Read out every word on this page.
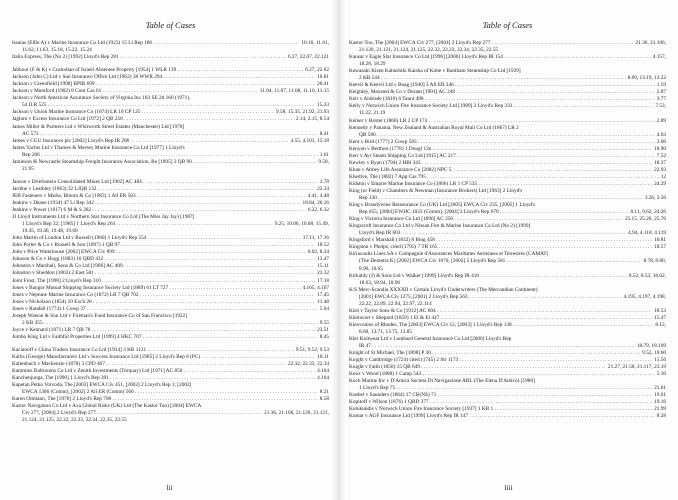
Table of Cases
Issaias (Elfie A) v Marine Insurance Co Ltd (1923) 15 Ll Rep 186 . . .	10.16, 11.61,
11.62, 11.63, 15.18, 15.22, 15.24
Italia Express, The (No 2) [1992] Lloyd's Rep 281 . . .	6.27, 22.67, 22.121
Jabbour (F & K) v Custodian of Israeli Absentee Property [1954] 1 WLR 139 . . .	6.27, 22.62
Jackson (John C) Ltd v Sun Insurance Office Ltd (1962) 38 WWR 294 . . .	10.81
Jackson v Greenfield [1998] BPIR 699 . . .	20.41
Jackson v Mumford (1902) 8 Com Cas 61 . . .	11.04, 11.07, 11.08, 11.10, 11.15
Jackson v North American Assurance Society of Virginia Inc 183 SE 2d 160 (1971),
54 ILR 525 . . .	15.23
Jackson v Union Marine Insurance Co (1874) LR 10 CP 125 . . .	9.58, 15.35, 21.92, 21.93
Jaglom v Excess Insurance Co Ltd [1972] 2 QB 250 . . .	2.14, 2.15, 8.54
James Miller & Partners Ltd v Whitworth Street Estates (Manchester) Ltd [1970]
AC 572 . . .	8.41
James v CGU Insurance plc [2002] Lloyd's Rep IR 206 . . .	4.55, 4.101, 15.18
James Yachts Ltd v Thames & Mersey Marine Insurance Co Ltd [1977] 1 Lloyd's
Rep 206 . . .	1.61
Jamieson & Newcastle Steamship Freight Insurance Association, Re [1895] 2 QB 90 . . .	9.58,
21.95
Janson v Driefontein Consolidated Mines Ltd [1902] AC 484 . . .	3.78
Jardine v Leathley (1863) 32 LJQB 132 . . .	22.34
JEB Fasteners v Marks, Bloom & Co [1983] 1 All ER 583 . . .	4.41, 4.48
Jenkins v Deane (1934) 47 Ll Rep 342 . . .	18.84, 26.16
Jenkins v Power (1817) 6 M & S 282 . . .	6.22, 6.32
JJ Lloyd Instruments Ltd v Northern Star Insurance Co Ltd (The Miss Jay Jay) [1987]
1 Lloyd's Rep 32; [1985] 1 Lloyd's Rep 264 . . .	9.25, 10.06, 10.08, 15.49,
19.45, 19.46, 19.48, 19.60
John Martin of London Ltd v Russell (1960) 1 Lloyd's Rep 554 . . .	17.11, 17.16
John Porter & Co v Russell & Son (1897) 1 QB 97 . . .	18.52
John v Price Waterhouse [2002] EWCA Civ 899 . . .	8.02, 8.34
Johnson & Co v Hogg (1883) 10 QBD 432 . . .	13.47
Johnston v Marshall, Sons & Co Ltd [1906] AC 409 . . .	15.11
Johnston v Sheddon (1802) 2 East 581 . . .	23.32
Joint Frost, The [1998] 2 Lloyd's Rep 310 . . .	17.18
Jones v Bangor Mutual Shipping Insurance Society Ltd (1889) 61 LT 727 . . .	4.165, 4.167
Jones v Neptune Marine Insurance Co (1872) LR 7 QB 702 . . .	17.45
Jones v Nicholson (1854) 10 Exch 28 . . .	11.48
Jones v Randall (1774) 1 Cowp 37 . . .	5.04
Joseph Watson & Son Ltd v Fireman's Fund Insurance Co of San Francisco [1922]
2 KB 355 . . .	9.55
Joyce v Kennard (1871) LR 7 QB 78 . . .	23.51
Jumbo King Ltd v Faithful Properties Ltd [1999] 4 HKC 707 . . .	8.45
Kacianoff v China Traders Insurance Co Ltd [1914] 3 KB 1121 . . .	9.51, 9.52, 9.53
Kallis (George) Manufacturers Ltd v Success Insurance Ltd [1985] 2 Lloyd's Rep 8 (PC) . . .	18.11
Kaltenbach v Mackenzie (1878) 3 CPD 467 . . .	22.32, 22.33, 22.34
Kammins Ballrooms Co Ltd v Zenith Investments (Torquay) Ltd [1971] AC 850 . . .	4.164
Kanchenjunga, The [1990] 1 Lloyd's Rep 391 . . .	4.164
Kapetan Petko Voivoda, The [2003] EWCA Civ 451, [2003] 2 Lloyd's Rep 1; [2002]
EWCA 1306 (Comm), [2002] 2 All ER (Comm) 560 . . .	8.21
Karen Oltmann, The [1976] 2 Lloyd's Rep 708 . . .	8.58
Kastor Navigation Co Ltd v Axa Global Risks (UK) Ltd (The Kastor Too) [2004] EWCA
Civ 277, [2004] 2 Lloyd's Rep 277 . . .	21.36, 21.106, 21.120, 21.121,
21.124, 21.125, 22.32, 22.33, 22.34, 22.35, 22.55
lii
Table of Cases
Kastor Too, The [2004] EWCA Civ 277, [2004] 2 Lloyd's Rep 277 . . .	21.36, 21.106,
21.120, 21.121, 21.124, 21.125, 22.32, 22.33, 22.34, 22.35, 22.55
Kausar v Eagle Star Insurance Co Ltd [1996] [2000] Lloyd's Rep IR 154 . . .	4.157,
18.28, 18.29
Kawasaki Kisen Kabushiki Kaisha of Kobe v Bantham Steamship Co Ltd [1939]
2 KB 544 . . .	8.09, 13.19, 13.22
Keevil & Keevil Ltd v Boag [1940] 3 All ER 346 . . .	1.59
Keighley, Maxsted & Co v Durant [1901] AC 240 . . .	2.87
Keir v Andrade (1816) 6 Taunt 498 . . .	3.77
Kelly v Norwich Union Fire Insurance Society Ltd [1989] 2 Lloyd's Rep 333 . . .	7.53,
11.22, 21.19
Kelner v Baxter (1866) LR 2 CP 174 . . .	2.89
Kennedy v Panama, New Zealand & Australian Royal Mail Co Ltd (1867) LR 2
QB 580 . . .	4.03
Kent v Bird (1777) 2 Cowp 583 . . .	3.06
Kenyon v Berthon (1778) 1 Dougl 12n . . .	18.90
Kerr v Ayr Steam Shipping Co Ltd [1915] AC 217 . . .	7.52
Kewley v Ryan (1794) 2 HBl 343 . . .	18.37
Khan v Abbey Life Assurance Co [2002] NPC 5 . . .	22.93
Khedive, The (1882) 7 App Cas 795 . . .	12
Kidston v Empire Marine Insurance Co (1866) LR 1 CP 535 . . .	24.29
King (or Field) v Chambers & Newman (Insurance Brokers) Ltd [1963] 2 Lloyd's
Rep 130 . . .	3.26, 3.56
King v Brandywine Reinsurance Co (UK) Ltd [2005] EWCA Civ 235, [2005] 1 Lloyd's
Rep 655; [2004] EWHC 1033 (Comm), [2004] 2 Lloyd's Rep 670 . . .	8.11, 9.62, 24.26
King v Victoria Insurance Co Ltd [1896] AC 250 . . .	25.15, 25.26, 25.76
Kingscroft Insurance Co Ltd v Nissan Fire & Marine Insurance Co Ltd (No 2) [1999]
Lloyd's Rep IR 603 . . .	4.94, 4.118, 4.119
Kingsford v Marshall (1832) 8 Bing 458 . . .	10.81
Kingston v Phelps, cited (1795) 7 TR 165 . . .	18.57
Kiriacoulis Lines SA v Compagnie d'Assurances Maritimes Aeriennes et Terrestres (CAMAT)
(The Demetra K) [2002] EWCA Civ 1070, [2002] 2 Lloyd's Rep 581 . . .	8.78, 8.80,
8.96, 10.65
Kirkaldy (J) & Sons Ltd v Walker [1999] Lloyd's Rep IR 410 . . .	8.52, 8.53, 18.62,
18.63, 18.94, 18.96
K/S Merc-Scandia XXXXII v Certain Lloyd's Underwriters (The Mercandian Continent)
[2001] EWCA Civ 1275, [2001] 2 Lloyd's Rep 563 . . .	4.195, 4.197, 4.198,
22.22, 22.89, 22.94, 22.97, 22.114
Kish v Taylor Sons & Co [1912] AC 604 . . .	18.53
Kleinwort v Shepard (1859) 1 El & El 447 . . .	15.47
Kleovoulos of Rhodes, The [2003] EWCA Civ 12, [2003] 1 Lloyd's Rep 138 . . .	8.12,
8.60, 13.71, 13.75, 13.85
Kler Knitwear Ltd v Lombard General Insurance Co Ltd [2000] Lloyd's Rep
IR 47 . . .	18.79, 18.109
Knight of St Michael, The [1898] P 30 . . .	9.52, 10.60
Knight v Cambridge (1724) cited (1745) 2 Str 1173 . . .	11.56
Knight v Faith (1850) 15 QB 649 . . .	21.27, 21.50, 21.117, 23.19
Knox v Wood (1808) 1 Camp 543 . . .	5.10
Koch Marine Inc v D'Amica Societa Di Navigazione ARL (The Elena D'Amico) [1980]
1 Lloyd's Rep 75 . . .	21.61
Koebel v Saunders (1864) 17 CB(NS) 71 . . .	19.61
Kopitoff v Wilson (1876) 1 QBD 377 . . .	19.16
Kulukundis v Norwich Union Fire Insurance Society [1937] 1 KB 1 . . .	21.99
Kumar v AGF Insurance Ltd [1999] Lloyd's Rep IR 147 . . .	8.28
liii
